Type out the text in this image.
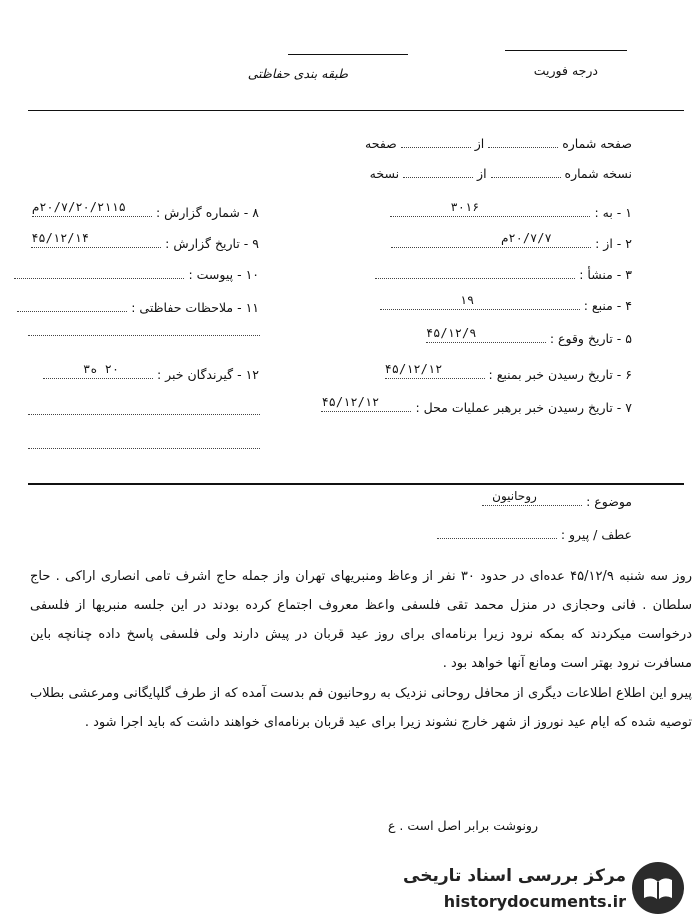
درجه فوریت
طبقه بندی حفاظتی
صفحه شماره  از  صفحه
نسخه شماره  از  نسخه
۱ - به :
۳۰۱۶
۲ - از :
۲۰/۷/۷م
۳ - منشأ :
۴ - منبع :
۱۹
۵ - تاریخ وقوع :
۴۵/۱۲/۹
۶ - تاریخ رسیدن خبر بمنبع :
۴۵/۱۲/۱۲
۷ - تاریخ رسیدن خبر برهبر عملیات محل :
۴۵/۱۲/۱۲
۸ - شماره گزارش :
۲۰/۷/۲۰/۲۱۱۵م
۹ - تاریخ گزارش :
۴۵/۱۲/۱۴
۱۰ - پیوست :
۱۱ - ملاحظات حفاظتی :
۱۲ - گیرندگان خبر :
۲۰ ه۳
موضوع :
روحانیون
عطف / پیرو :
روز سه شنبه ۴۵/۱۲/۹ عده‌ای در حدود ۳۰ نفر از وعاظ ومنبریهای تهران واز جمله حاج اشرف تامی انصاری اراکی . حاج سلطان . فانی وحجازی در منزل محمد تقی فلسفی واعظ معروف اجتماع کرده بودند در این جلسه منبریها از فلسفی درخواست میکردند که بمکه نرود زیرا برنامه‌ای برای روز عید قربان در پیش دارند ولی فلسفی پاسخ داده چنانچه باین مسافرت نرود بهتر است ومانع آنها خواهد بود .
پیرو این اطلاع اطلاعات دیگری از محافل روحانی نزدیک به روحانیون فم بدست آمده که از طرف گلپایگانی ومرعشی بطلاب توصیه شده که ایام عید نوروز از شهر خارج نشوند زیرا برای عید قربان برنامه‌ای خواهند داشت که باید اجرا شود .
رونوشت برابر اصل است . ع
مرکز بررسی اسناد تاریخی
historydocuments.ir
